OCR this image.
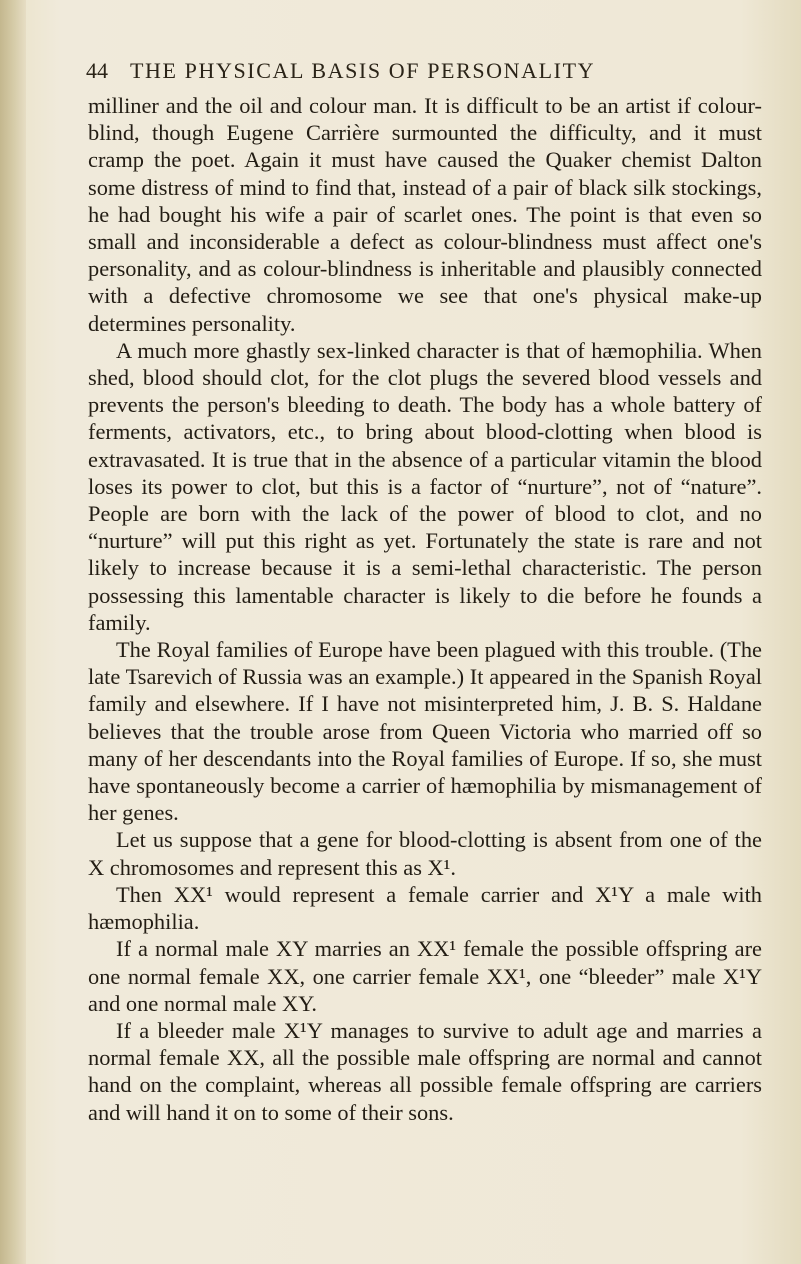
44 THE PHYSICAL BASIS OF PERSONALITY

milliner and the oil and colour man. It is difficult to be an artist if colour-blind, though Eugene Carrière surmounted the difficulty, and it must cramp the poet. Again it must have caused the Quaker chemist Dalton some distress of mind to find that, instead of a pair of black silk stockings, he had bought his wife a pair of scarlet ones. The point is that even so small and inconsiderable a defect as colour-blindness must affect one's personality, and as colour-blindness is inheritable and plausibly connected with a defective chromosome we see that one's physical make-up determines personality.

A much more ghastly sex-linked character is that of hæmophilia. When shed, blood should clot, for the clot plugs the severed blood vessels and prevents the person's bleeding to death. The body has a whole battery of ferments, activators, etc., to bring about blood-clotting when blood is extravasated. It is true that in the absence of a particular vitamin the blood loses its power to clot, but this is a factor of “nurture”, not of “nature”. People are born with the lack of the power of blood to clot, and no “nurture” will put this right as yet. Fortunately the state is rare and not likely to increase because it is a semi-lethal characteristic. The person possessing this lamentable character is likely to die before he founds a family.

The Royal families of Europe have been plagued with this trouble. (The late Tsarevich of Russia was an example.) It appeared in the Spanish Royal family and elsewhere. If I have not misinterpreted him, J. B. S. Haldane believes that the trouble arose from Queen Victoria who married off so many of her descendants into the Royal families of Europe. If so, she must have spontaneously become a carrier of hæmophilia by mismanagement of her genes.

Let us suppose that a gene for blood-clotting is absent from one of the X chromosomes and represent this as X¹.

Then XX¹ would represent a female carrier and X¹Y a male with hæmophilia.

If a normal male XY marries an XX¹ female the possible offspring are one normal female XX, one carrier female XX¹, one “bleeder” male X¹Y and one normal male XY.

If a bleeder male X¹Y manages to survive to adult age and marries a normal female XX, all the possible male offspring are normal and cannot hand on the complaint, whereas all possible female offspring are carriers and will hand it on to some of their sons.
